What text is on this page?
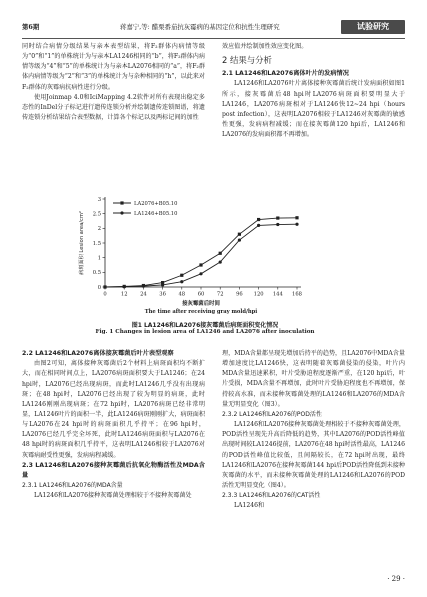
第6期	蒋嘉宁,等: 醋栗番茄抗灰霉病的基因定位和抗性生理研究	试验研究

同时结合病情分级结果与亲本表型结果，将F₂群体内病情等级为“0”和“1”的单株统计为与亲本LA1246相同的“b”，将F₂群体内病情等级为“4”和“5”的单株统计为与亲本LA2076相同的“a”，将F₂群体内病情等级为“2”和“3”的单株统计为与杂种相同的“h”，以此来对F₂群体的灰霉病抗病性进行分级。

使用Joinmap 4.0和IciMapping 4.2软件对所有表现出稳定多态性的InDel分子标记进行遗传连锁分析并绘制遗传连锁图谱，将遗传连锁分析结果结合表型数据，计算各个标记以及两标记间的加性

效应值并绘制加性效应变化图。

2 结果与分析

2.1 LA1246和LA2076离体叶片的发病情况

LA1246和LA2076叶片离体接种灰霉菌后统计发病面积如图1所示，接灰霉菌后48 hpi时LA2076病斑面积要明显大于LA1246，LA2076病斑相对于LA1246快12~24 hpi（hours post infection），这表明LA2076相较于LA1246对灰霉菌的敏感性更强，发病病程减缓；而在接灰霉菌120 hpi后，LA1246和LA2076的发病面积都不再增加。

0
0.5
1
1.5
2
2.5
3
0	12 24 36 48 60 72 96 120 144 168
接灰霉菌后时间
The time after receiving gray mold/hpi
病斑面积 Lesion area/cm²
LA2076+B05.10
LA1246+B05.10
图1 LA1246和LA2076接灰霉菌后病斑面积变化情况
Fig. 1 Changes in lesion area of LA1246 and LA2076 after inoculation

2.2 LA1246和LA2076离体接灰霉菌后叶片表型观察

由图2可知，离体接种灰霉菌后2个材料上病斑面积均不断扩大，而在相同时间点上，LA2076病斑面积要大于LA1246；在24 hpi时，LA2076已经出现病斑，而此时LA1246几乎没有出现病斑；在48 hpi时，LA2076已经出现了较为明显的病斑，此时LA1246刚刚出现病斑；在72 hpi时，LA2076病斑已经非常明显，LA1246叶片的面积一半，此LA1246病斑刚刚扩大，病斑面积与LA2076在24 hpi时的病斑面积几乎持平；在96 hpi时，LA2076已经几乎完全坏死，此时LA1246病斑面积与LA2076在48 hpi时的病斑面积几乎持平，这表明LA1246相较于LA2076对灰霉病耐受性更强，发病病程减缓。

2.3 LA1246和LA2076接种灰霉菌后抗氧化物酶活性及MDA含量

2.3.1 LA1246和LA2076的MDA含量

LA1246和LA2076接种灰霉菌处理相较于不接种灰霉菌处

理，MDA含量都呈现先增加后持平的趋势，且LA2076中MDA含量增加速度比LA1246快，这表明随着灰霉菌侵染的侵染，叶片内MDA含量迅速累积，叶片受胁迫程度逐渐严重，在120 hpi后，叶片受损，MDA含量不再增加，此时叶片受胁迫程度也不再增加，保持较高水准，而未接种灰霉菌处理的LA1246和LA2076的MDA含量无明显变化（图3）。

2.3.2 LA1246和LA2076的POD活性

LA1246和LA2076接种灰霉菌处理相较于不接种灰霉菌处理，POD活性呈现先升高后降低的趋势，其中LA2076的POD活性峰值出现时间较LA1246提前，LA2076在48 hpi时活性最高，LA1246的POD活性峰值比较低，且间隔较长，在72 hpi时出现，最终LA1246和LA2076在接种灰霉菌144 hpi后POD活性降低到未接种灰霉菌的水平，而未接种灰霉菌处理的LA1246和LA2076的POD活性无明显变化（图4）。

2.3.3 LA1246和LA2076的CAT活性

LA1246和

· 29 ·
